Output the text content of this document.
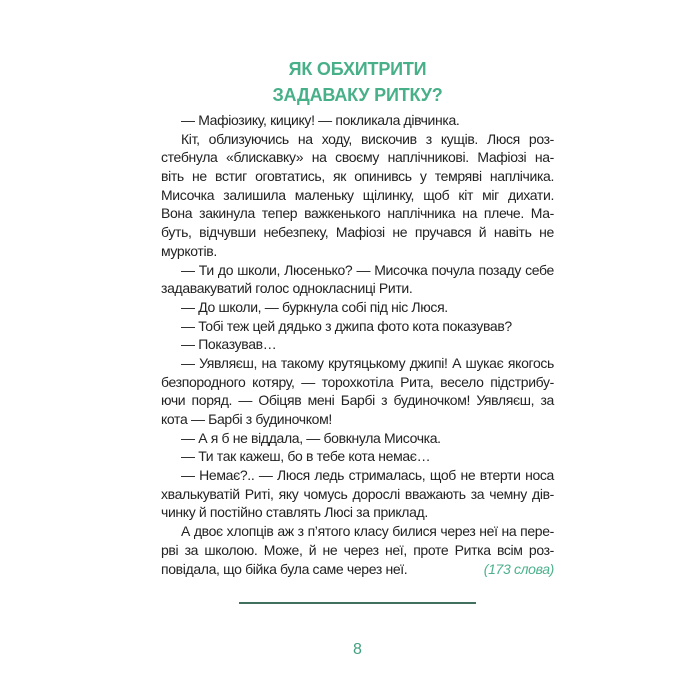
ЯК ОБХИТРИТИ
ЗАДАВАКУ РИТКУ?
— Мафіозику, кицику! — покликала дівчинка.
Кіт, облизуючись на ходу, вискочив з кущів. Люся роз-
стебнула «блискавку» на своєму наплічникові. Мафіозі на-
віть не встиг оговтатись, як опинивсь у темряві наплічика.
Мисочка залишила маленьку щілинку, щоб кіт міг дихати.
Вона закинула тепер важкенького наплічника на плече. Ма-
буть, відчувши небезпеку, Мафіозі не пручався й навіть не
муркотів.
— Ти до школи, Люсенько? — Мисочка почула позаду себе
задавакуватий голос однокласниці Рити.
— До школи, — буркнула собі під ніс Люся.
— Тобі теж цей дядько з джипа фото кота показував?
— Показував…
— Уявляєш, на такому крутяцькому джипі! А шукає якогось
безпородного котяру, — торохкотіла Рита, весело підстрибу-
ючи поряд. — Обіцяв мені Барбі з будиночком! Уявляєш, за
кота — Барбі з будиночком!
— А я б не віддала, — бовкнула Мисочка.
— Ти так кажеш, бо в тебе кота немає…
— Немає?.. — Люся ледь стрималась, щоб не втерти носа
хвалькуватій Риті, яку чомусь дорослі вважають за чемну дів-
чинку й постійно ставлять Люсі за приклад.
А двоє хлопців аж з п’ятого класу билися через неї на пере-
рві за школою. Може, й не через неї, проте Ритка всім роз-
повідала, що бійка була саме через неї.	(173 слова)
8
